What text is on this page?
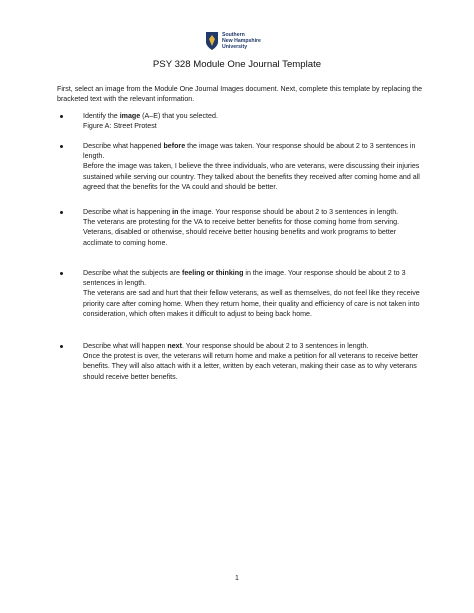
Southern
New Hampshire
University
PSY 328 Module One Journal Template
First, select an image from the Module One Journal Images document. Next, complete this template by replacing the bracketed text with the relevant information.
Identify the image (A–E) that you selected.
Figure A: Street Protest
Describe what happened before the image was taken. Your response should be about 2 to 3 sentences in length.
Before the image was taken, I believe the three individuals, who are veterans, were discussing their injuries sustained while serving our country. They talked about the benefits they received after coming home and all agreed that the benefits for the VA could and should be better.
Describe what is happening in the image. Your response should be about 2 to 3 sentences in length.
The veterans are protesting for the VA to receive better benefits for those coming home from serving. Veterans, disabled or otherwise, should receive better housing benefits and work programs to better acclimate to coming home.
Describe what the subjects are feeling or thinking in the image. Your response should be about 2 to 3 sentences in length.
The veterans are sad and hurt that their fellow veterans, as well as themselves, do not feel like they receive priority care after coming home. When they return home, their quality and efficiency of care is not taken into consideration, which often makes it difficult to adjust to being back home.
Describe what will happen next. Your response should be about 2 to 3 sentences in length.
Once the protest is over, the veterans will return home and make a petition for all veterans to receive better benefits. They will also attach with it a letter, written by each veteran, making their case as to why veterans should receive better benefits.
1
